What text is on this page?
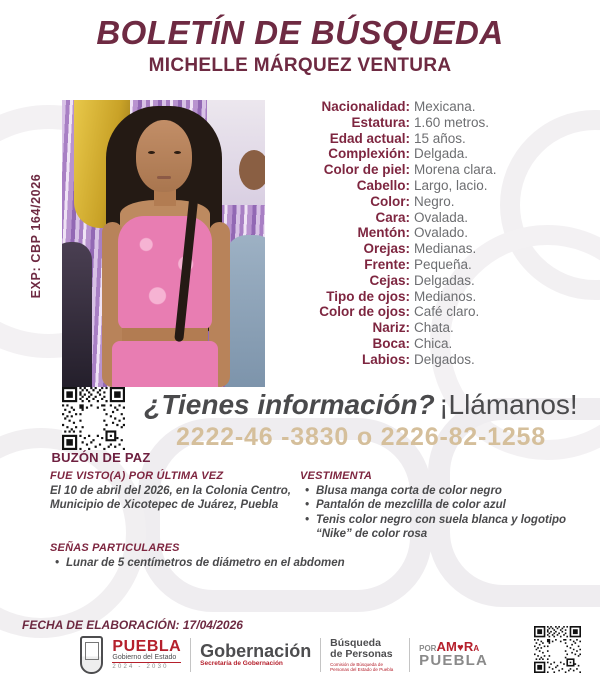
BOLETÍN DE BÚSQUEDA
MICHELLE MÁRQUEZ VENTURA
EXP: CBP 164/2026
Nacionalidad: Mexicana.
Estatura: 1.60 metros.
Edad actual: 15 años.
Complexión: Delgada.
Color de piel: Morena clara.
Cabello: Largo, lacio.
Color: Negro.
Cara: Ovalada.
Mentón: Ovalado.
Orejas: Medianas.
Frente: Pequeña.
Cejas: Delgadas.
Tipo de ojos: Medianos.
Color de ojos: Café claro.
Nariz: Chata.
Boca: Chica.
Labios: Delgados.
BUZÓN DE PAZ
¿Tienes información? ¡Llámanos!
2222-46 -3830 o 2226-82-1258
FUE VISTO(A) POR ÚLTIMA VEZ
El 10 de abril del 2026, en la Colonia Centro,
Municipio de Xicotepec de Juárez, Puebla
VESTIMENTA
• Blusa manga corta de color negro
• Pantalón de mezclilla de color azul
• Tenis color negro con suela blanca y logotipo “Nike” de color rosa
SEÑAS PARTICULARES
• Lunar de 5 centímetros de diámetro en el abdomen
FECHA DE ELABORACIÓN: 17/04/2026
PUEBLA
Gobierno del Estado
2024 - 2030
Gobernación
Secretaría de Gobernación
Búsqueda
de Personas
Comisión de Búsqueda de Personas del Estado de Puebla
PORAM ♥ RA
PUEBLA
